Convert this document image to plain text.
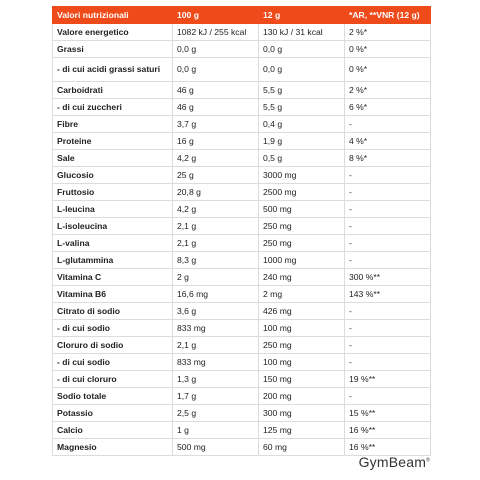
Valori nutrizionali	100 g	12 g	*AR, **VNR (12 g)
Valore energetico	1082 kJ / 255 kcal	130 kJ / 31 kcal	2 %*
Grassi	0,0 g	0,0 g	0 %*
- di cui acidi grassi saturi	0,0 g	0,0 g	0 %*
Carboidrati	46 g	5,5 g	2 %*
- di cui zuccheri	46 g	5,5 g	6 %*
Fibre	3,7 g	0,4 g	-
Proteine	16 g	1,9 g	4 %*
Sale	4,2 g	0,5 g	8 %*
Glucosio	25 g	3000 mg	-
Fruttosio	20,8 g	2500 mg	-
L-leucina	4,2 g	500 mg	-
L-isoleucina	2,1 g	250 mg	-
L-valina	2,1 g	250 mg	-
L-glutammina	8,3 g	1000 mg	-
Vitamina C	2 g	240 mg	300 %**
Vitamina B6	16,6 mg	2 mg	143 %**
Citrato di sodio	3,6 g	426 mg	-
- di cui sodio	833 mg	100 mg	-
Cloruro di sodio	2,1 g	250 mg	-
- di cui sodio	833 mg	100 mg	-
- di cui cloruro	1,3 g	150 mg	19 %**
Sodio totale	1,7 g	200 mg	-
Potassio	2,5 g	300 mg	15 %**
Calcio	1 g	125 mg	16 %**
Magnesio	500 mg	60 mg	16 %**
GymBeam®
